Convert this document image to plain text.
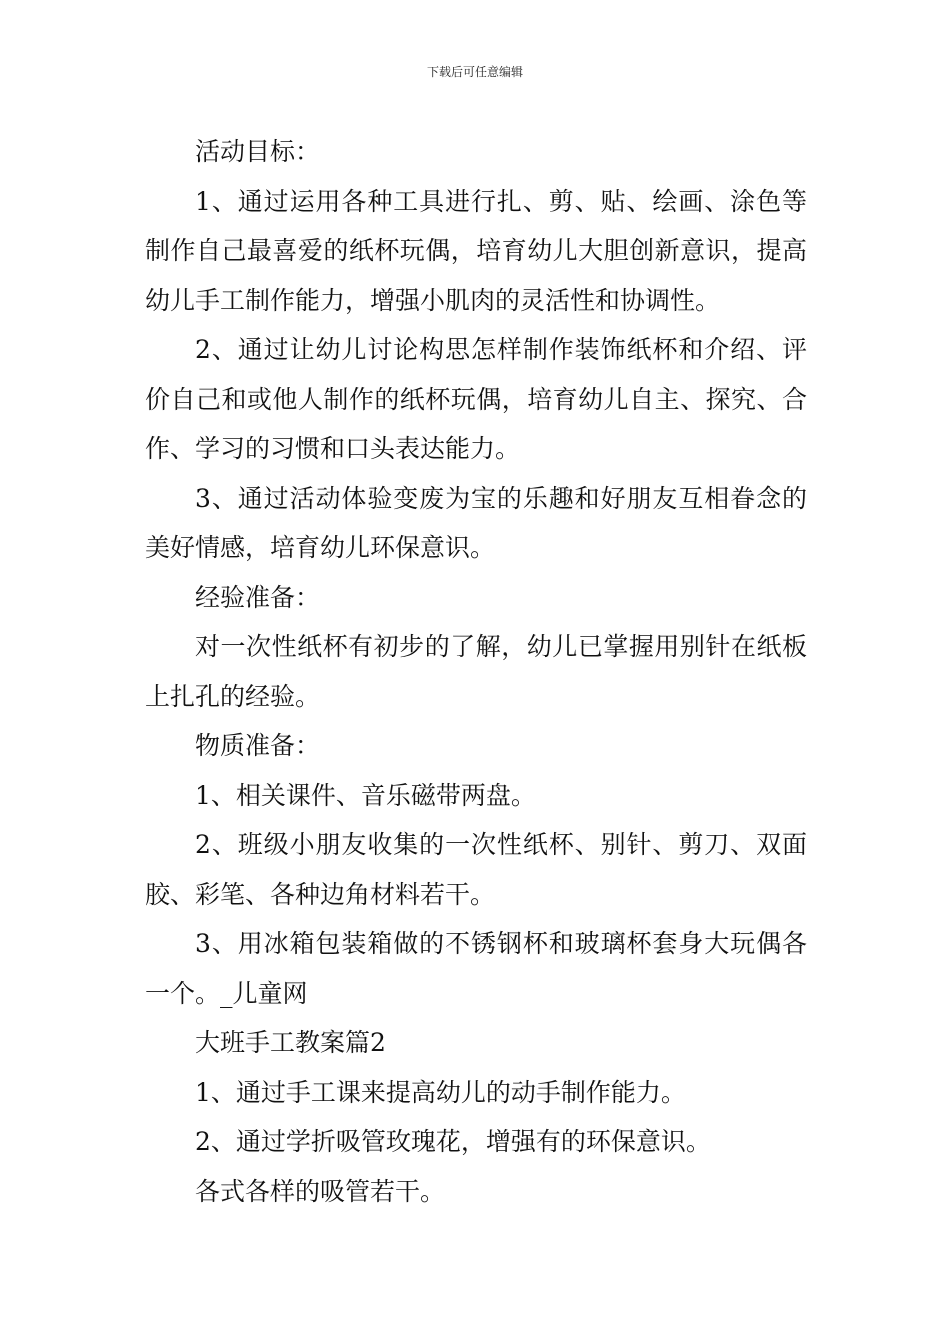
下载后可任意编辑

活动目标：

1、通过运用各种工具进行扎、剪、贴、绘画、涂色等制作自己最喜爱的纸杯玩偶，培育幼儿大胆创新意识，提高幼儿手工制作能力，增强小肌肉的灵活性和协调性。

2、通过让幼儿讨论构思怎样制作装饰纸杯和介绍、评价自己和或他人制作的纸杯玩偶，培育幼儿自主、探究、合作、学习的习惯和口头表达能力。

3、通过活动体验变废为宝的乐趣和好朋友互相眷念的美好情感，培育幼儿环保意识。

经验准备：

对一次性纸杯有初步的了解，幼儿已掌握用别针在纸板上扎孔的经验。

物质准备：

1、相关课件、音乐磁带两盘。

2、班级小朋友收集的一次性纸杯、别针、剪刀、双面胶、彩笔、各种边角材料若干。

3、用冰箱包装箱做的不锈钢杯和玻璃杯套身大玩偶各一个。_儿童网

大班手工教案篇2

1、通过手工课来提高幼儿的动手制作能力。

2、通过学折吸管玫瑰花，增强有的环保意识。

各式各样的吸管若干。
